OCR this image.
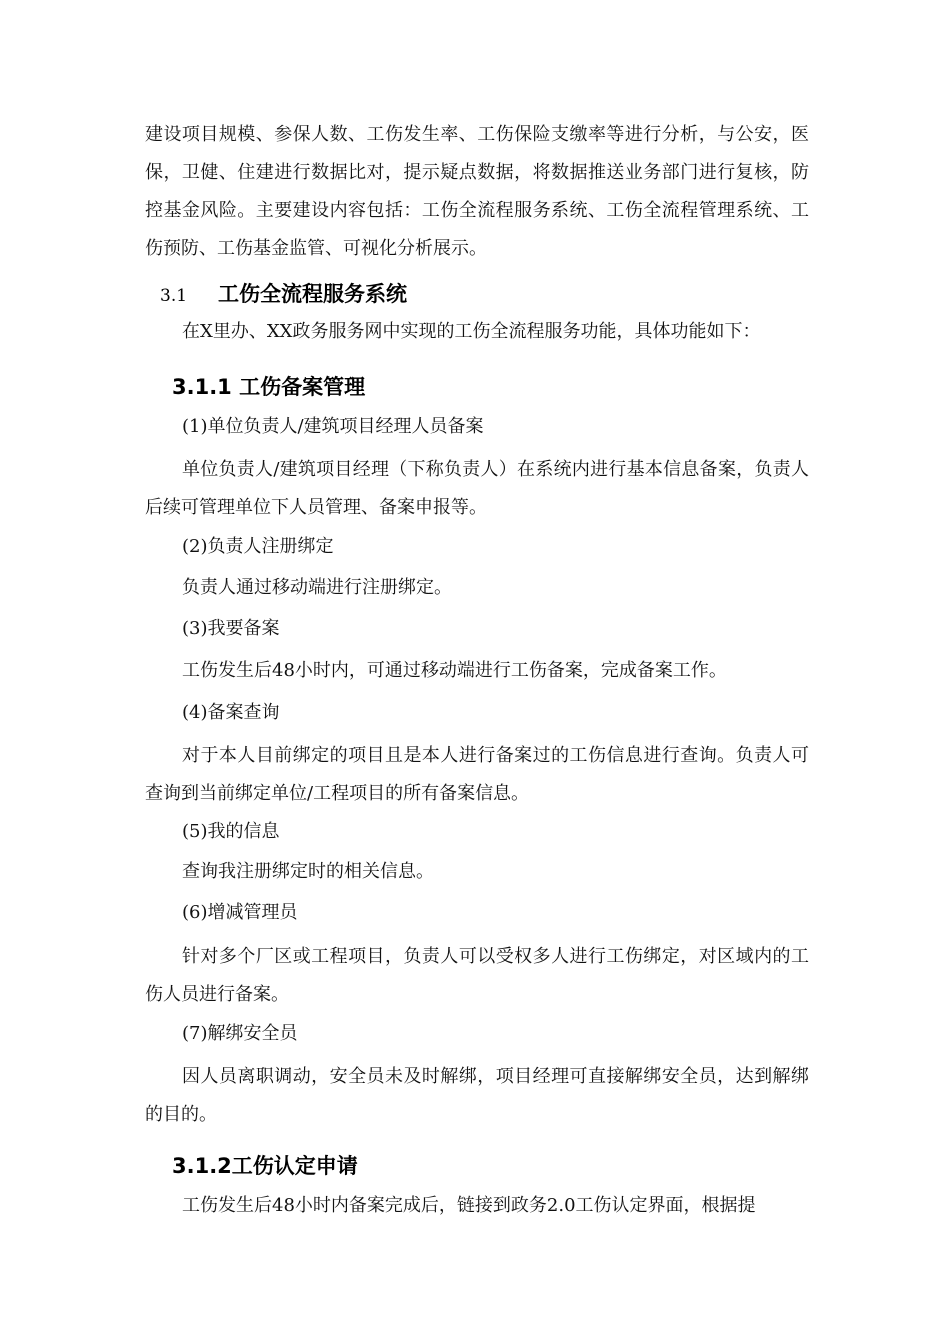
建设项目规模、参保人数、工伤发生率、工伤保险支缴率等进行分析，与公安，医保，卫健、住建进行数据比对，提示疑点数据，将数据推送业务部门进行复核，防控基金风险。主要建设内容包括：工伤全流程服务系统、工伤全流程管理系统、工伤预防、工伤基金监管、可视化分析展示。
3.1 工伤全流程服务系统
在X里办、XX政务服务网中实现的工伤全流程服务功能，具体功能如下：
3.1.1 工伤备案管理
(1)单位负责人/建筑项目经理人员备案
单位负责人/建筑项目经理（下称负责人）在系统内进行基本信息备案，负责人后续可管理单位下人员管理、备案申报等。
(2)负责人注册绑定
负责人通过移动端进行注册绑定。
(3)我要备案
工伤发生后48小时内，可通过移动端进行工伤备案，完成备案工作。
(4)备案查询
对于本人目前绑定的项目且是本人进行备案过的工伤信息进行查询。负责人可查询到当前绑定单位/工程项目的所有备案信息。
(5)我的信息
查询我注册绑定时的相关信息。
(6)增减管理员
针对多个厂区或工程项目，负责人可以受权多人进行工伤绑定，对区域内的工伤人员进行备案。
(7)解绑安全员
因人员离职调动，安全员未及时解绑，项目经理可直接解绑安全员，达到解绑的目的。
3.1.2工伤认定申请
工伤发生后48小时内备案完成后，链接到政务2.0工伤认定界面，根据提
